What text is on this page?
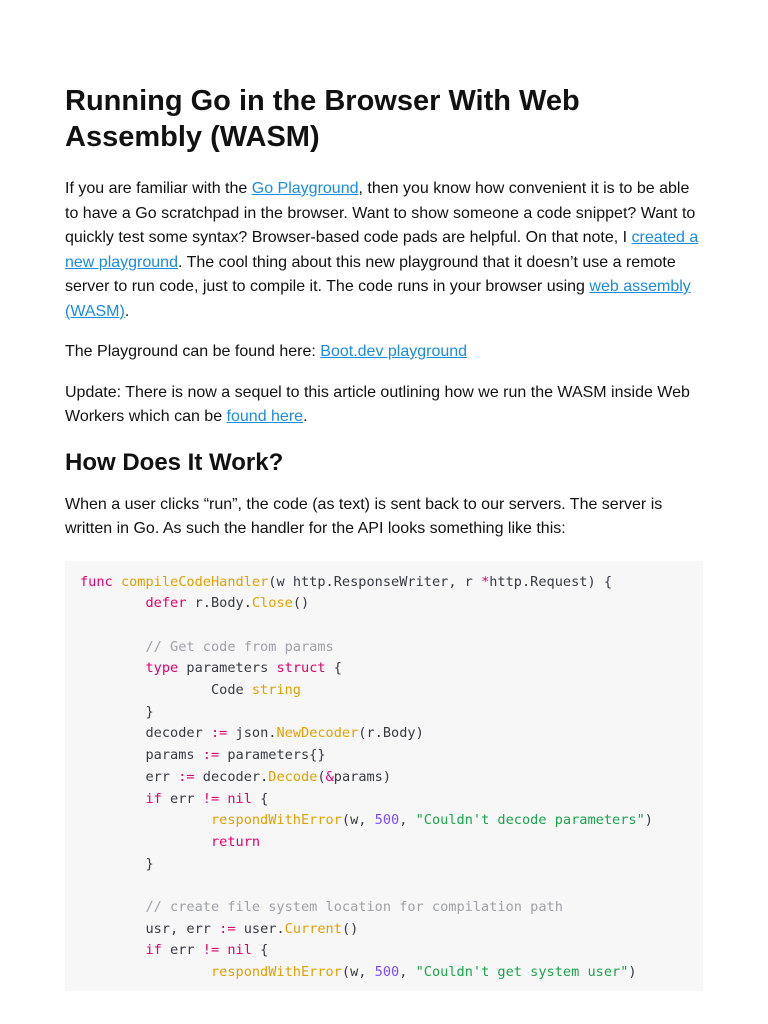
Running Go in the Browser With Web Assembly (WASM)

If you are familiar with the Go Playground, then you know how convenient it is to be able to have a Go scratchpad in the browser. Want to show someone a code snippet? Want to quickly test some syntax? Browser-based code pads are helpful. On that note, I created a new playground. The cool thing about this new playground that it doesn’t use a remote server to run code, just to compile it. The code runs in your browser using web assembly (WASM).

The Playground can be found here: Boot.dev playground

Update: There is now a sequel to this article outlining how we run the WASM inside Web Workers which can be found here.

How Does It Work?

When a user clicks “run”, the code (as text) is sent back to our servers. The server is written in Go. As such the handler for the API looks something like this:

func compileCodeHandler(w http.ResponseWriter, r *http.Request) {
defer r.Body.Close()

// Get code from params
type parameters struct {
Code string
}
decoder := json.NewDecoder(r.Body)
params := parameters{}
err := decoder.Decode(&params)
if err != nil {
respondWithError(w, 500, "Couldn't decode parameters")
return
}

// create file system location for compilation path
usr, err := user.Current()
if err != nil {
respondWithError(w, 500, "Couldn't get system user")
